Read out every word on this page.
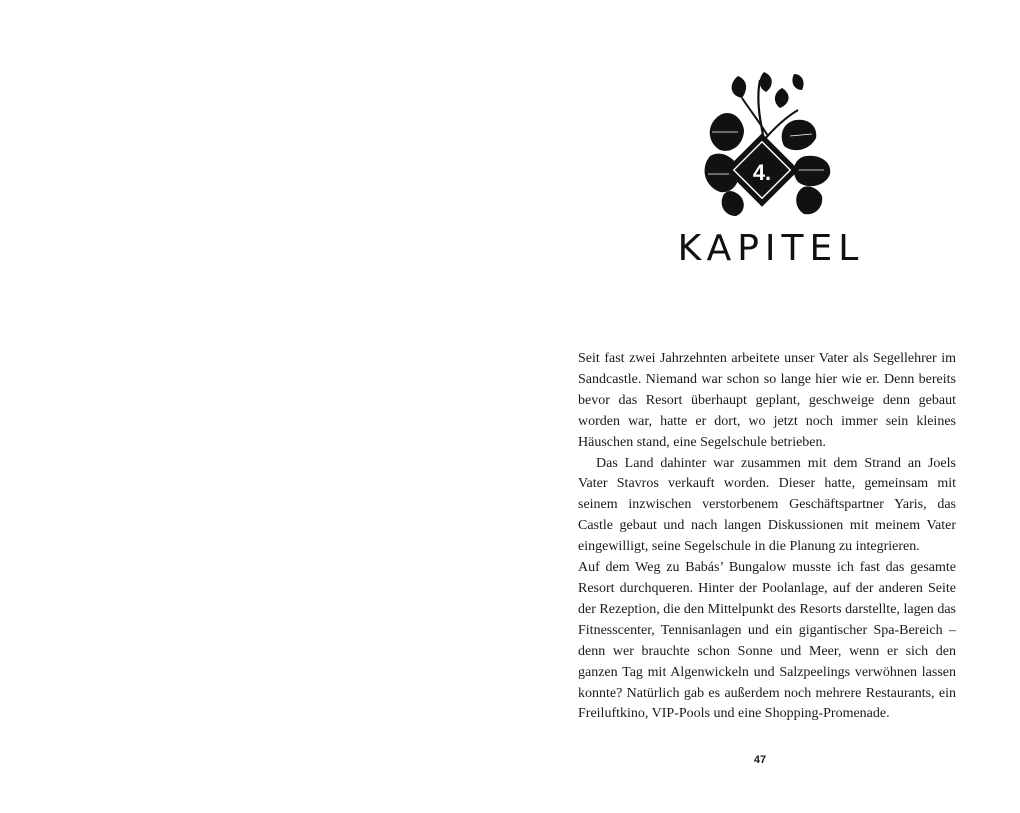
4.
KAPITEL

Seit fast zwei Jahrzehnten arbeitete unser Vater als Segellehrer im Sandcastle. Niemand war schon so lange hier wie er. Denn bereits bevor das Resort überhaupt geplant, geschweige denn gebaut worden war, hatte er dort, wo jetzt noch immer sein kleines Häuschen stand, eine Segelschule betrieben.

Das Land dahinter war zusammen mit dem Strand an Joels Vater Stavros verkauft worden. Dieser hatte, gemeinsam mit seinem inzwischen verstorbenem Geschäftspartner Yaris, das Castle gebaut und nach langen Diskussionen mit meinem Vater eingewilligt, seine Segelschule in die Planung zu integrieren.

Auf dem Weg zu Babás’ Bungalow musste ich fast das gesamte Resort durchqueren. Hinter der Poolanlage, auf der anderen Seite der Rezeption, die den Mittelpunkt des Resorts darstellte, lagen das Fitnesscenter, Tennisanlagen und ein gigantischer Spa-Bereich – denn wer brauchte schon Sonne und Meer, wenn er sich den ganzen Tag mit Algenwickeln und Salzpeelings verwöhnen lassen konnte? Natürlich gab es außerdem noch mehrere Restaurants, ein Freiluftkino, VIP-Pools und eine Shopping-Promenade.

47
